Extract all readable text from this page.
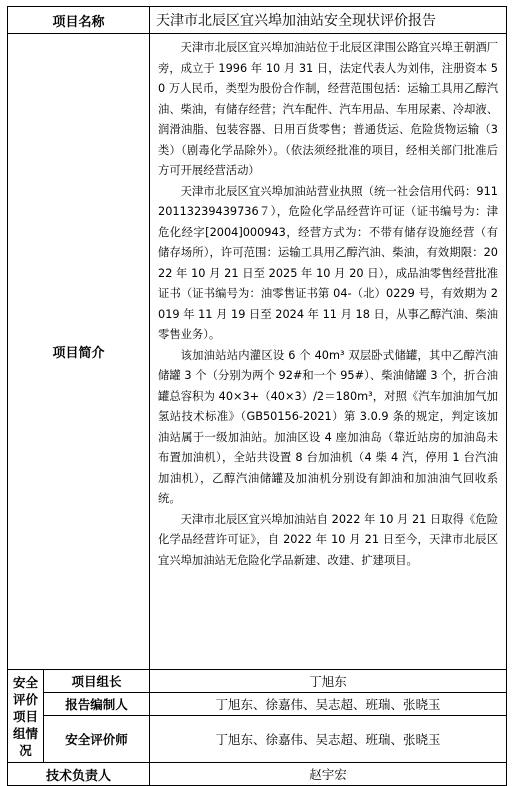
项目名称		天津市北辰区宜兴埠加油站安全现状评价报告
项目简介		天津市北辰区宜兴埠加油站位于北辰区津围公路宜兴埠王朝酒厂旁，成立于 1996 年 10 月 31 日，法定代表人为刘伟，注册资本 50 万人民币，类型为股份合作制，经营范围包括：运输工具用乙醇汽油、柴油，有储存经营；汽车配件、汽车用品、车用尿素、冷却液、润滑油脂、包装容器、日用百货零售；普通货运、危险货物运输（3 类）（剧毒化学品除外）。（依法须经批准的项目，经相关部门批准后方可开展经营活动）

天津市北辰区宜兴埠加油站营业执照（统一社会信用代码：91120113239439736７），危险化学品经营许可证（证书编号为：津危化经字[2004]000943，经营方式为：不带有储存设施经营（有储存场所），许可范围：运输工具用乙醇汽油、柴油，有效期限：2022 年 10 月 21 日至 2025 年 10 月 20 日），成品油零售经营批准证书（证书编号为：油零售证书第 04-（北）0229 号，有效期为 2019 年 11 月 19 日至 2024 年 11 月 18 日，从事乙醇汽油、柴油零售业务）。

该加油站站内灌区设 6 个 40m³ 双层卧式储罐，其中乙醇汽油储罐 3 个（分别为两个 92#和一个 95#）、柴油储罐 3 个，折合油罐总容积为 40×3+（40×3）/2＝180m³，对照《汽车加油加气加氢站技术标准》（GB50156-2021）第 3.0.9 条的规定，判定该加油站属于一级加油站。加油区设 4 座加油岛（靠近站房的加油岛未布置加油机），全站共设置 8 台加油机（4 柴 4 汽，停用 1 台汽油加油机），乙醇汽油储罐及加油机分别设有卸油和加油油气回收系统。

天津市北辰区宜兴埠加油站自 2022 年 10 月 21 日取得《危险化学品经营许可证》，自 2022 年 10 月 21 日至今，天津市北辰区宜兴埠加油站无危险化学品新建、改建、扩建项目。

安全评价项目组情况	项目组长	丁旭东
	报告编制人	丁旭东、徐嘉伟、吴志超、班瑞、张晓玉
	安全评价师	丁旭东、徐嘉伟、吴志超、班瑞、张晓玉
技术负责人		赵宇宏
